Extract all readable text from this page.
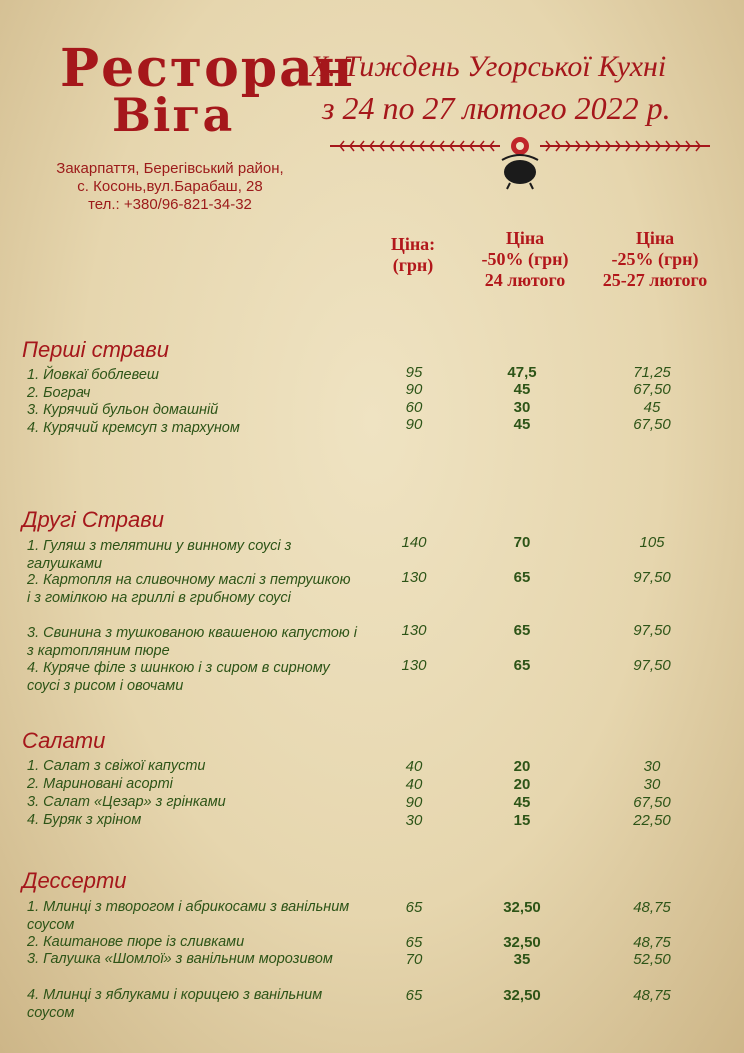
Ресторан
Віга
X. Тиждень Угорської Кухні
з 24 по 27 лютого 2022 р.
Закарпаття, Берегівський район,
с. Косонь,вул.Барабаш, 28
тел.: +380/96-821-34-32
Ціна:
(грн)
Ціна
-50% (грн)
24 лютого
Ціна
-25% (грн)
25-27 лютого
Перші страви
1. Йовкаї боблевеш	95	47,5	71,25
2. Бограч	90	45	67,50
3. Курячий бульон домашній	60	30	45
4. Курячий кремсуп з тархуном	90	45	67,50
Другі Страви
1. Гуляш з телятини у винному соусі з галушками
140	70	105
2. Картопля на сливочному маслі з петрушкою і з гомілкою на гриллі в грибному соусі
130	65	97,50
3. Свинина з тушкованою квашеною капустою і з картопляним пюре
130	65	97,50
4. Куряче філе з шинкою і з сиром в сирному соусі з рисом і овочами
130	65	97,50
Салати
1. Салат з свіжої капусти	40	20	30
2. Мариновані асорті	40	20	30
3. Салат «Цезар» з грінками	90	45	67,50
4. Буряк з хріном	30	15	22,50
Дессерти
1. Млинці з творогом і абрикосами з ванільним соусом
65	32,50	48,75
2. Каштанове пюре із сливками	65	32,50	48,75
3. Галушка «Шомлої» з ванільним морозивом	70	35	52,50
4. Млинці з яблуками і корицею з ванільним соусом
65	32,50	48,75
